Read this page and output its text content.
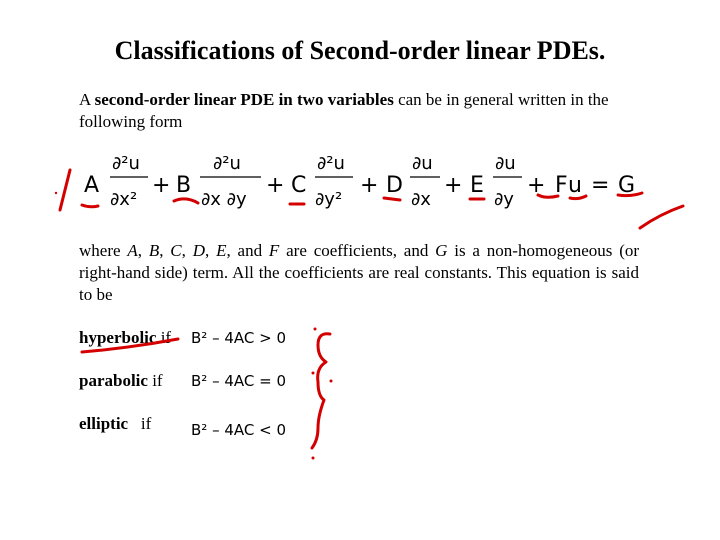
Classifications of Second-order linear PDEs.
A second-order linear PDE in two variables can be in general written in the following form
A
∂²u
∂x²
+ B
∂²u
∂x ∂y
+ C
∂²u
∂y²
+ D
∂u
∂x
+ E
∂u
∂y
+ F u = G
where A, B, C, D, E, and F are coefficients, and G is a non-homogeneous (or right-hand side) term. All the coefficients are real constants. This equation is said to be
hyperbolic if B² – 4AC > 0
parabolic if B² – 4AC = 0
elliptic   if	B² – 4AC < 0
